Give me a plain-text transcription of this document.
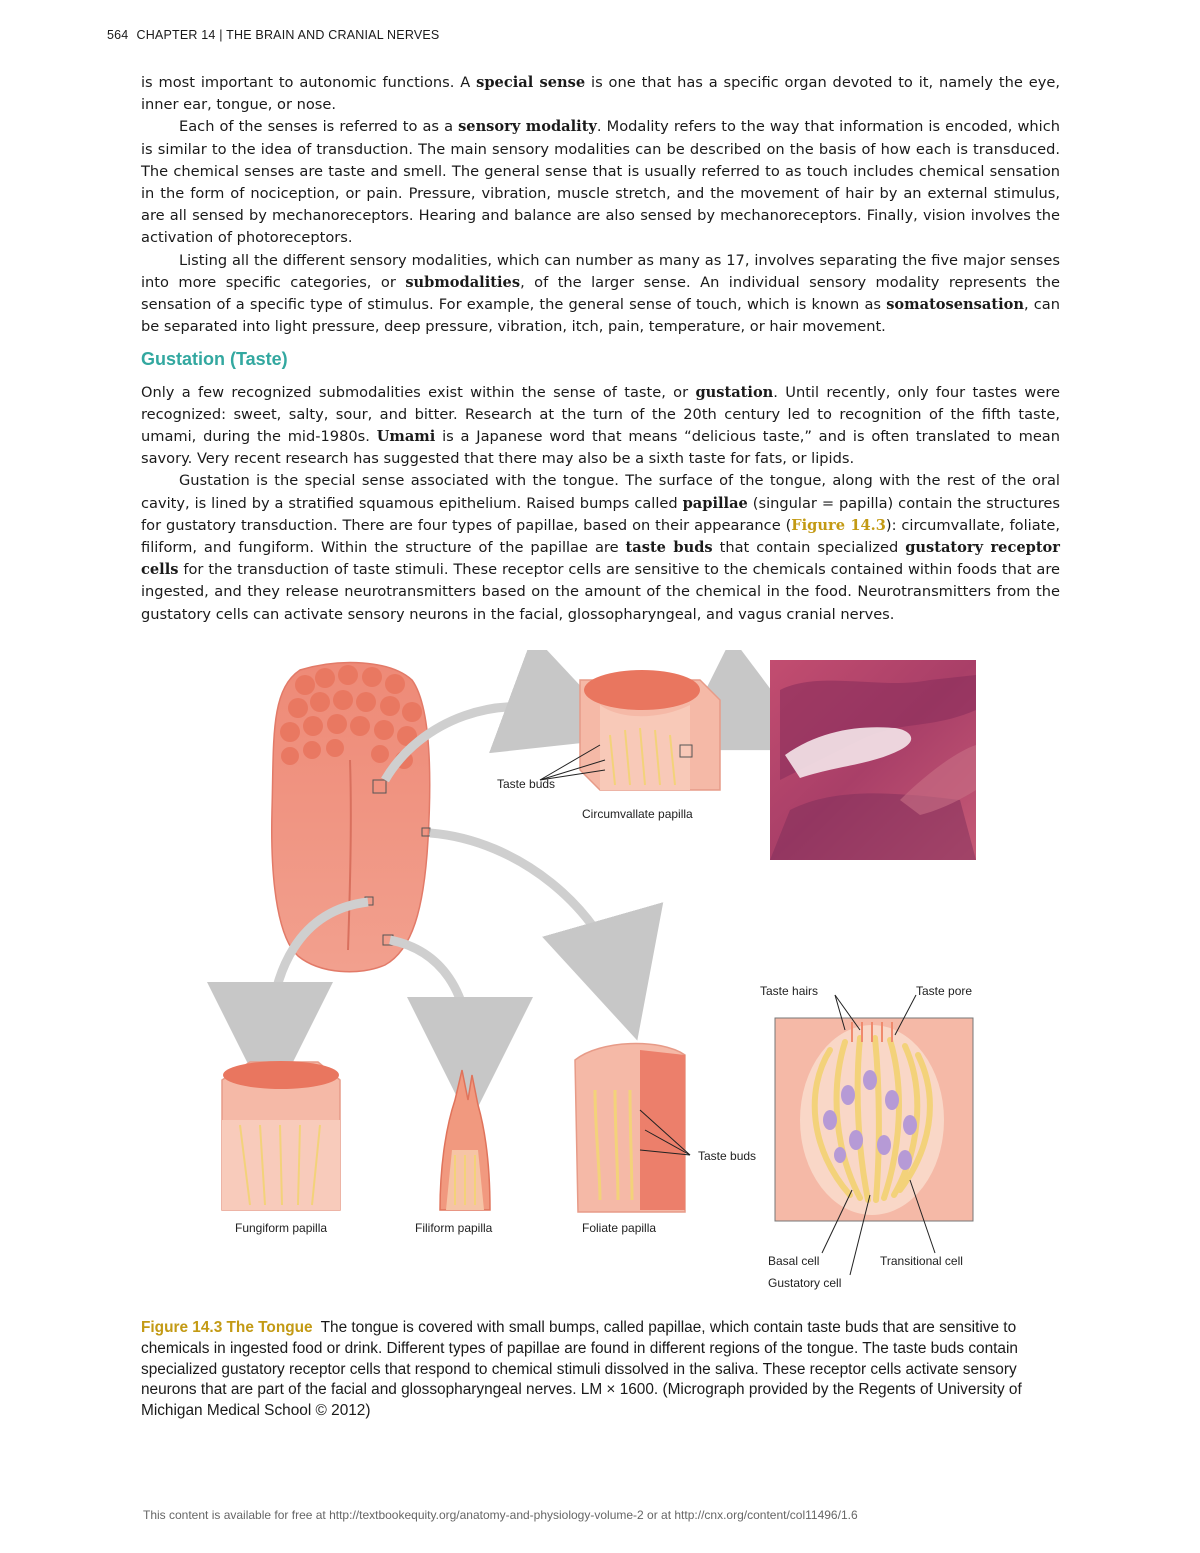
564 CHAPTER 14 | THE BRAIN AND CRANIAL NERVES

is most important to autonomic functions. A special sense is one that has a specific organ devoted to it, namely the eye, inner ear, tongue, or nose.

Each of the senses is referred to as a sensory modality. Modality refers to the way that information is encoded, which is similar to the idea of transduction. The main sensory modalities can be described on the basis of how each is transduced. The chemical senses are taste and smell. The general sense that is usually referred to as touch includes chemical sensation in the form of nociception, or pain. Pressure, vibration, muscle stretch, and the movement of hair by an external stimulus, are all sensed by mechanoreceptors. Hearing and balance are also sensed by mechanoreceptors. Finally, vision involves the activation of photoreceptors.

Listing all the different sensory modalities, which can number as many as 17, involves separating the five major senses into more specific categories, or submodalities, of the larger sense. An individual sensory modality represents the sensation of a specific type of stimulus. For example, the general sense of touch, which is known as somatosensation, can be separated into light pressure, deep pressure, vibration, itch, pain, temperature, or hair movement.

Gustation (Taste)

Only a few recognized submodalities exist within the sense of taste, or gustation. Until recently, only four tastes were recognized: sweet, salty, sour, and bitter. Research at the turn of the 20th century led to recognition of the fifth taste, umami, during the mid-1980s. Umami is a Japanese word that means “delicious taste,” and is often translated to mean savory. Very recent research has suggested that there may also be a sixth taste for fats, or lipids.

Gustation is the special sense associated with the tongue. The surface of the tongue, along with the rest of the oral cavity, is lined by a stratified squamous epithelium. Raised bumps called papillae (singular = papilla) contain the structures for gustatory transduction. There are four types of papillae, based on their appearance (Figure 14.3): circumvallate, foliate, filiform, and fungiform. Within the structure of the papillae are taste buds that contain specialized gustatory receptor cells for the transduction of taste stimuli. These receptor cells are sensitive to the chemicals contained within foods that are ingested, and they release neurotransmitters based on the amount of the chemical in the food. Neurotransmitters from the gustatory cells can activate sensory neurons in the facial, glossopharyngeal, and vagus cranial nerves.

Taste buds
Circumvallate papilla
Fungiform papilla	Filiform papilla
Taste buds
Foliate papilla
Taste hairs	Taste pore
Basal cell	Transitional cell
Gustatory cell
Figure 14.3 The Tongue The tongue is covered with small bumps, called papillae, which contain taste buds that are sensitive to chemicals in ingested food or drink. Different types of papillae are found in different regions of the tongue. The taste buds contain specialized gustatory receptor cells that respond to chemical stimuli dissolved in the saliva. These receptor cells activate sensory neurons that are part of the facial and glossopharyngeal nerves. LM × 1600. (Micrograph provided by the Regents of University of Michigan Medical School © 2012)
This content is available for free at http://textbookequity.org/anatomy-and-physiology-volume-2 or at http://cnx.org/content/col11496/1.6
